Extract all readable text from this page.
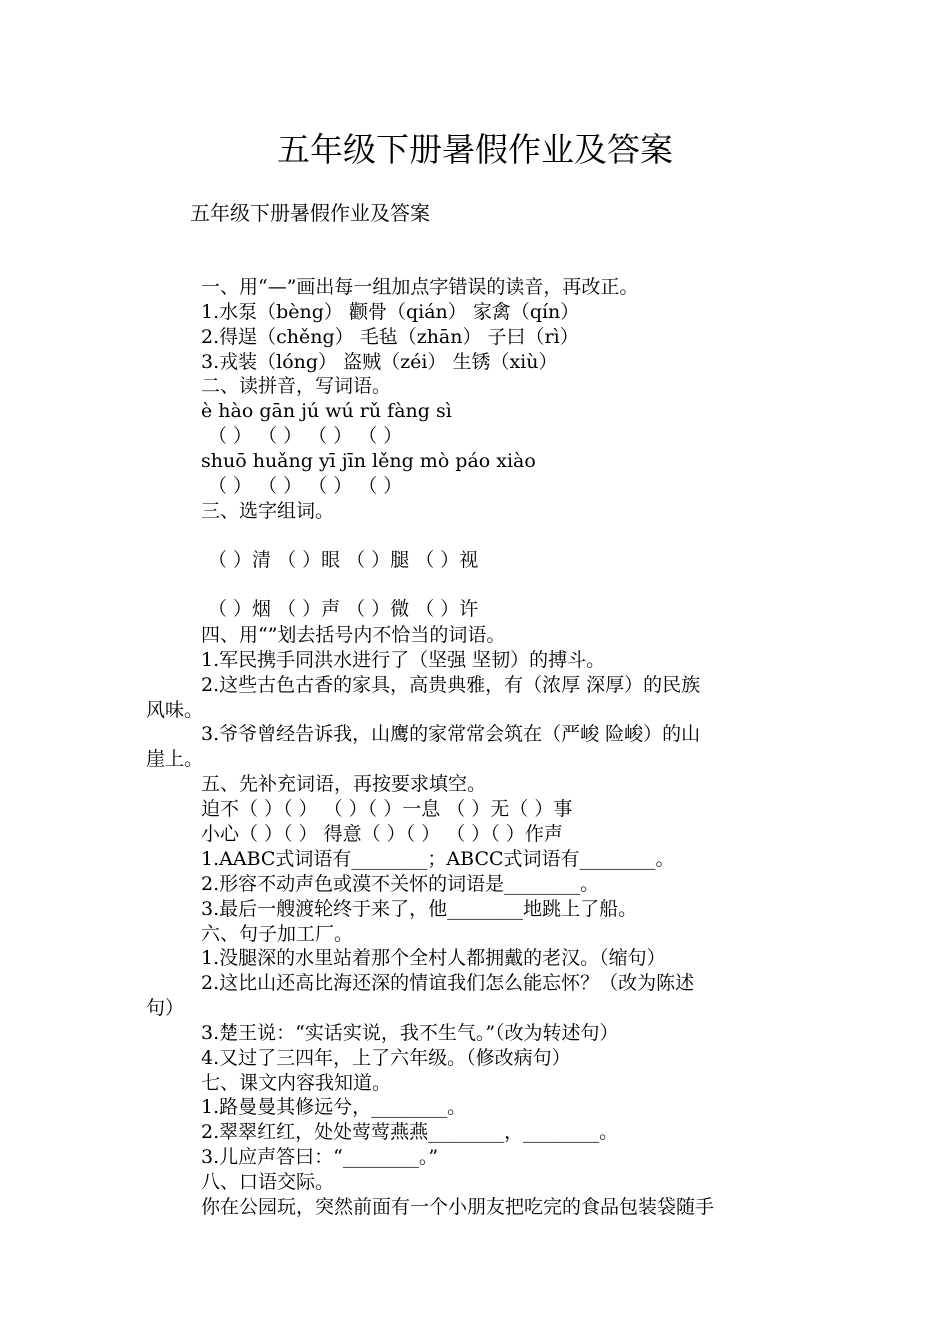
五年级下册暑假作业及答案
五年级下册暑假作业及答案
一、用“—”画出每一组加点字错误的读音，再改正。
1.水泵（bèng） 颧骨（qián） 家禽（qín）
2.得逞（chěng） 毛毡（zhān） 子曰（rì）
3.戎装（lóng） 盗贼（zéi） 生锈（xiù）
二、读拼音，写词语。
è hào gān jú wú rǔ fàng sì
（ ） （ ） （ ） （ ）
shuō huǎng yī jīn lěng mò páo xiào
（ ） （ ） （ ） （ ）
三、选字组词。
（ ）清 （ ）眼 （ ）腿 （ ）视
（ ）烟 （ ）声 （ ）微 （ ）许
四、用“”划去括号内不恰当的词语。
1.军民携手同洪水进行了（坚强 坚韧）的搏斗。
2.这些古色古香的家具，高贵典雅，有（浓厚 深厚）的民族
风味。
3.爷爷曾经告诉我，山鹰的家常常会筑在（严峻 险峻）的山
崖上。
五、先补充词语，再按要求填空。
迫不（ ）（ ） （ ）（ ）一息 （ ）无（ ）事
小心（ ）（ ） 得意（ ）（ ） （ ）（ ）作声
1.AABC式词语有________；ABCC式词语有________。
2.形容不动声色或漠不关怀的词语是________。
3.最后一艘渡轮终于来了，他________地跳上了船。
六、句子加工厂。
1.没腿深的水里站着那个全村人都拥戴的老汉。（缩句）
2.这比山还高比海还深的情谊我们怎么能忘怀？（改为陈述
句）
3.楚王说：“实话实说，我不生气。”（改为转述句）
4.又过了三四年，上了六年级。（修改病句）
七、课文内容我知道。
1.路曼曼其修远兮，________。
2.翠翠红红，处处莺莺燕燕________，________。
3.儿应声答曰：“________。”
八、口语交际。
你在公园玩，突然前面有一个小朋友把吃完的食品包装袋随手
